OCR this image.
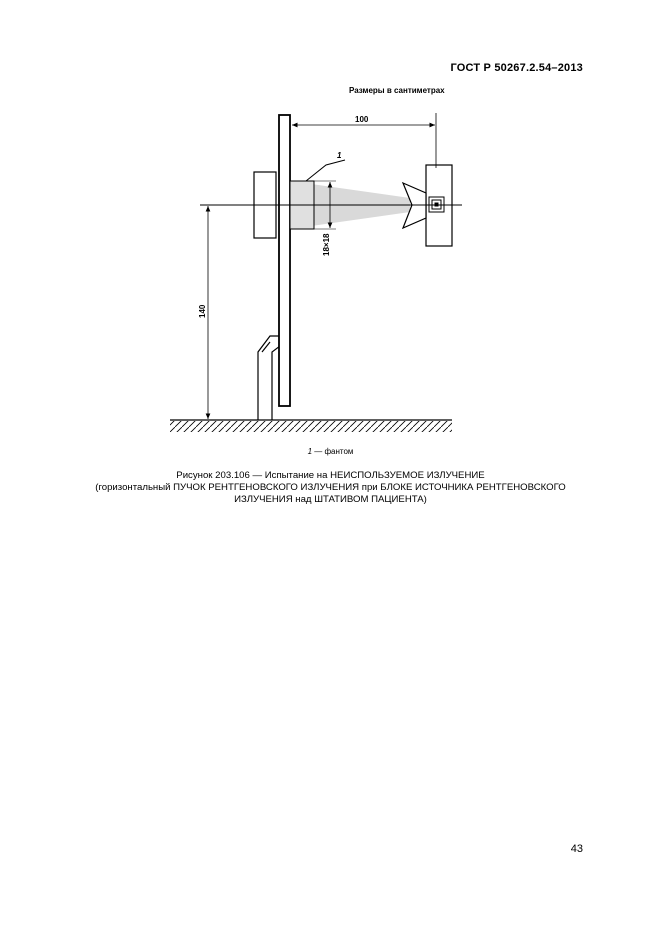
ГОСТ Р 50267.2.54–2013
Размеры в сантиметрах
1
100
140
18×18
1 — фантом
Рисунок 203.106 — Испытание на НЕИСПОЛЬЗУЕМОЕ ИЗЛУЧЕНИЕ
(горизонтальный ПУЧОК РЕНТГЕНОВСКОГО ИЗЛУЧЕНИЯ при БЛОКЕ ИСТОЧНИКА РЕНТГЕНОВСКОГО
ИЗЛУЧЕНИЯ над ШТАТИВОМ ПАЦИЕНТА)
43
